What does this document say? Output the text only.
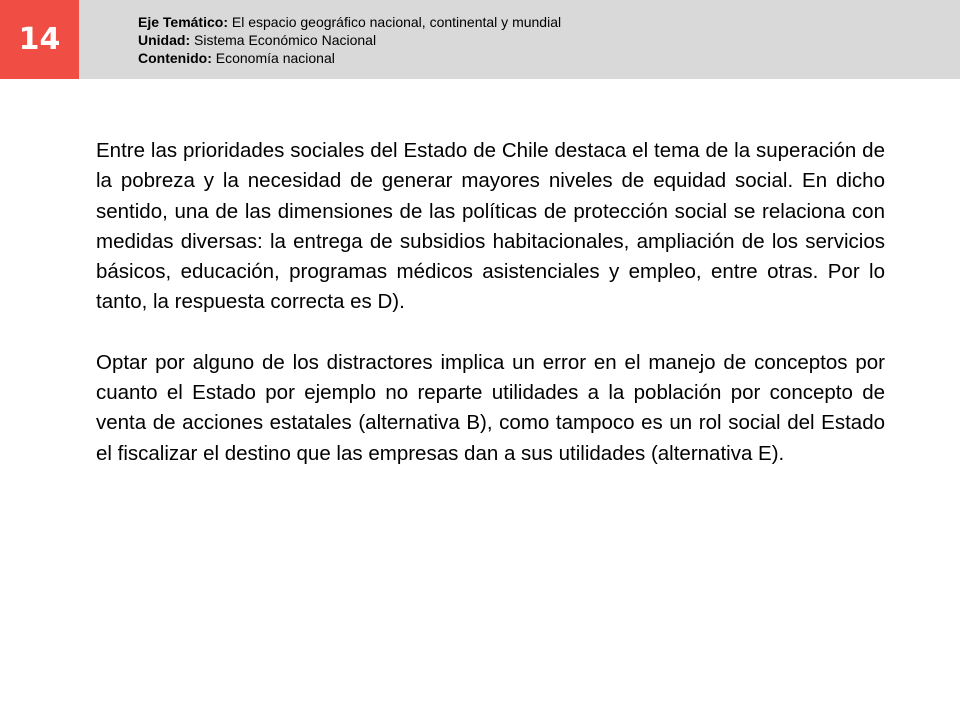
14	Eje Temático: El espacio geográfico nacional, continental y mundial
Unidad: Sistema Económico Nacional
Contenido: Economía nacional

Entre las prioridades sociales del Estado de Chile destaca el tema de la superación de la pobreza y la necesidad de generar mayores niveles de equidad social. En dicho sentido, una de las dimensiones de las políticas de protección social se relaciona con medidas diversas: la entrega de subsidios habitacionales, ampliación de los servicios básicos, educación, programas médicos asistenciales y empleo, entre otras. Por lo tanto, la respuesta correcta es D).

Optar por alguno de los distractores implica un error en el manejo de conceptos por cuanto el Estado por ejemplo no reparte utilidades a la población por concepto de venta de acciones estatales (alternativa B), como tampoco es un rol social del Estado el fiscalizar el destino que las empresas dan a sus utilidades (alternativa E).
